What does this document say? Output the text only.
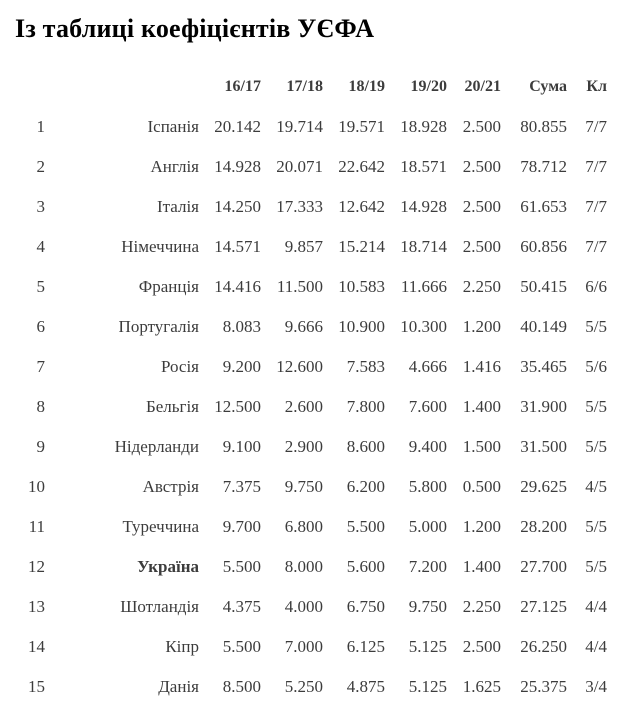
Із таблиці коефіцієнтів УЄФА
		16/17	17/18	18/19	19/20	20/21	Сума	Кл
1	Іспанія	20.142	19.714	19.571	18.928	2.500	80.855	7/7
2	Англія	14.928	20.071	22.642	18.571	2.500	78.712	7/7
3	Італія	14.250	17.333	12.642	14.928	2.500	61.653	7/7
4	Німеччина	14.571	9.857	15.214	18.714	2.500	60.856	7/7
5	Франція	14.416	11.500	10.583	11.666	2.250	50.415	6/6
6	Португалія	8.083	9.666	10.900	10.300	1.200	40.149	5/5
7	Росія	9.200	12.600	7.583	4.666	1.416	35.465	5/6
8	Бельгія	12.500	2.600	7.800	7.600	1.400	31.900	5/5
9	Нідерланди	9.100	2.900	8.600	9.400	1.500	31.500	5/5
10	Австрія	7.375	9.750	6.200	5.800	0.500	29.625	4/5
11	Туреччина	9.700	6.800	5.500	5.000	1.200	28.200	5/5
12	Україна	5.500	8.000	5.600	7.200	1.400	27.700	5/5
13	Шотландія	4.375	4.000	6.750	9.750	2.250	27.125	4/4
14	Кіпр	5.500	7.000	6.125	5.125	2.500	26.250	4/4
15	Данія	8.500	5.250	4.875	5.125	1.625	25.375	3/4
